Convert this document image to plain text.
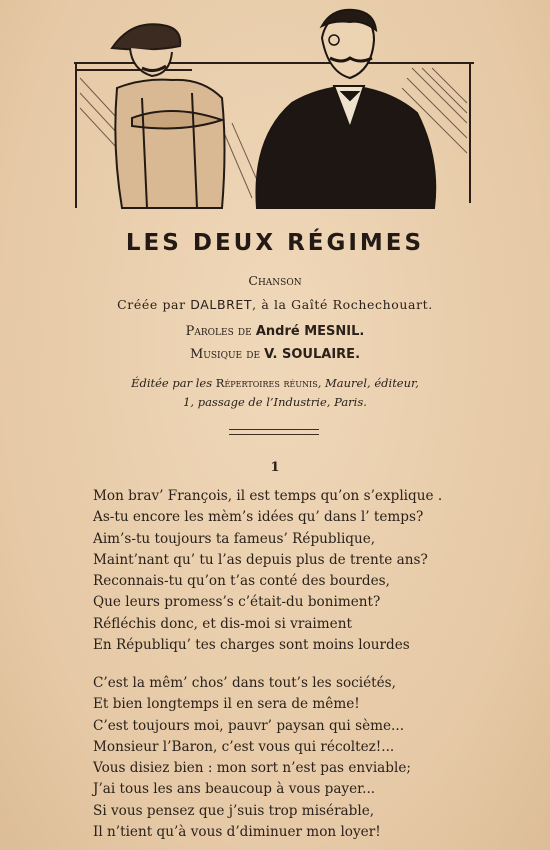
LES DEUX RÉGIMES
Chanson
Créée par DALBRET, à la Gaîté Rochechouart.
Paroles de André MESNIL.
Musique de V. SOULAIRE.
Éditée par les Répertoires réunis, Maurel, éditeur,
1, passage de l’Industrie, Paris.
1
Mon brav’ François, il est temps qu’on s’explique .
As-tu encore les mèm’s idées qu’ dans l’ temps?
Aim’s-tu toujours ta fameus’ République,
Maint’nant qu’ tu l’as depuis plus de trente ans?
Reconnais-tu qu’on t’as conté des bourdes,
Que leurs promess’s c’était-du boniment?
Réfléchis donc, et dis-moi si vraiment
En Républiqu’ tes charges sont moins lourdes
C’est la mêm’ chos’ dans tout’s les sociétés,
Et bien longtemps il en sera de même!
C’est toujours moi, pauvr’ paysan qui sème...
Monsieur l’Baron, c’est vous qui récoltez!...
Vous disiez bien : mon sort n’est pas enviable;
J’ai tous les ans beaucoup à vous payer...
Si vous pensez que j’suis trop misérable,
Il n’tient qu’à vous d’diminuer mon loyer!
